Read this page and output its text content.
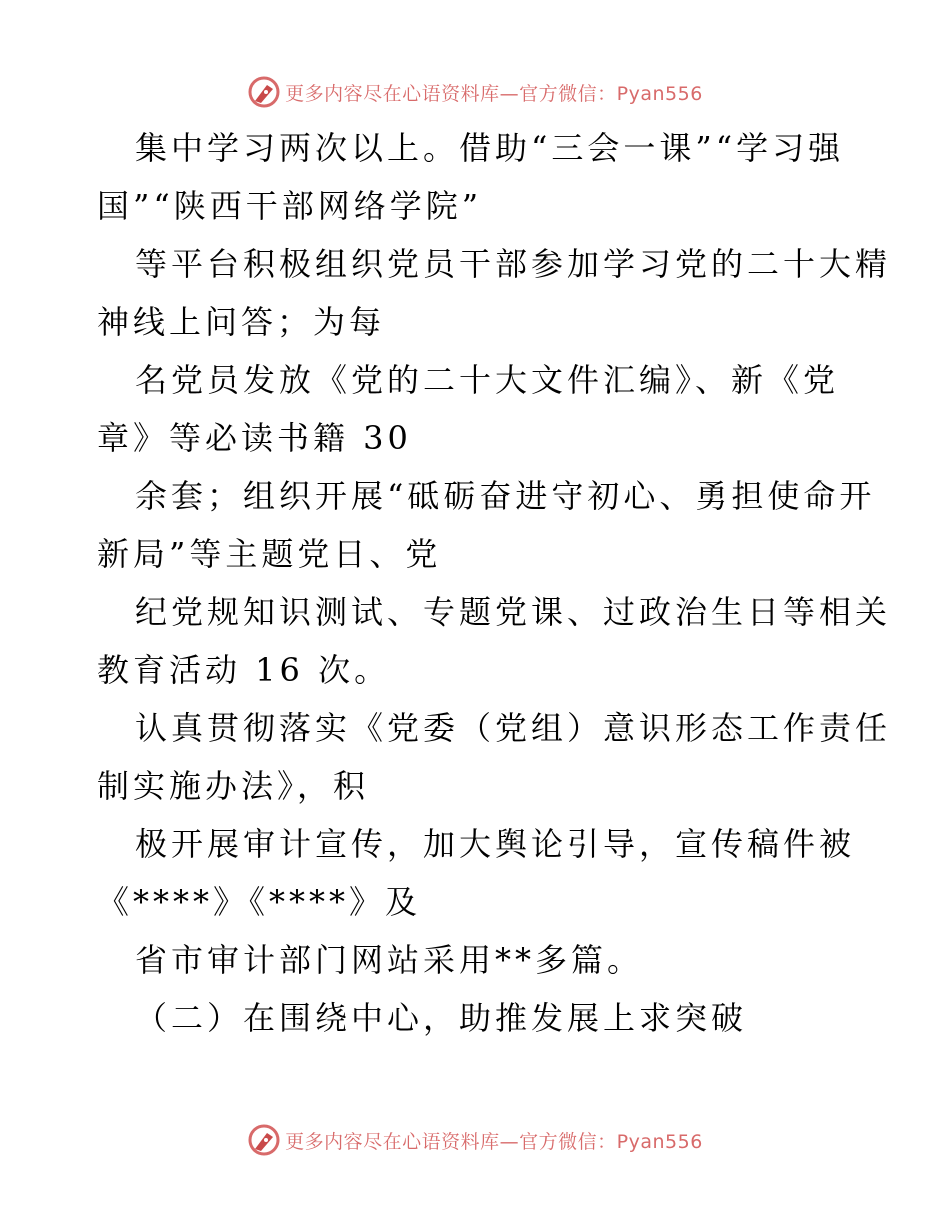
更多内容尽在心语资料库—官方微信：Pyan556
集中学习两次以上。借助“三会一课”“学习强
国”“陕西干部网络学院”
等平台积极组织党员干部参加学习党的二十大精
神线上问答；为每
名党员发放《党的二十大文件汇编》、新《党
章》等必读书籍 30
余套；组织开展“砥砺奋进守初心、勇担使命开
新局”等主题党日、党
纪党规知识测试、专题党课、过政治生日等相关
教育活动 16 次。
认真贯彻落实《党委（党组）意识形态工作责任
制实施办法》，积
极开展审计宣传，加大舆论引导，宣传稿件被
《****》《****》及
省市审计部门网站采用**多篇。
（二）在围绕中心，助推发展上求突破
更多内容尽在心语资料库—官方微信：Pyan556
